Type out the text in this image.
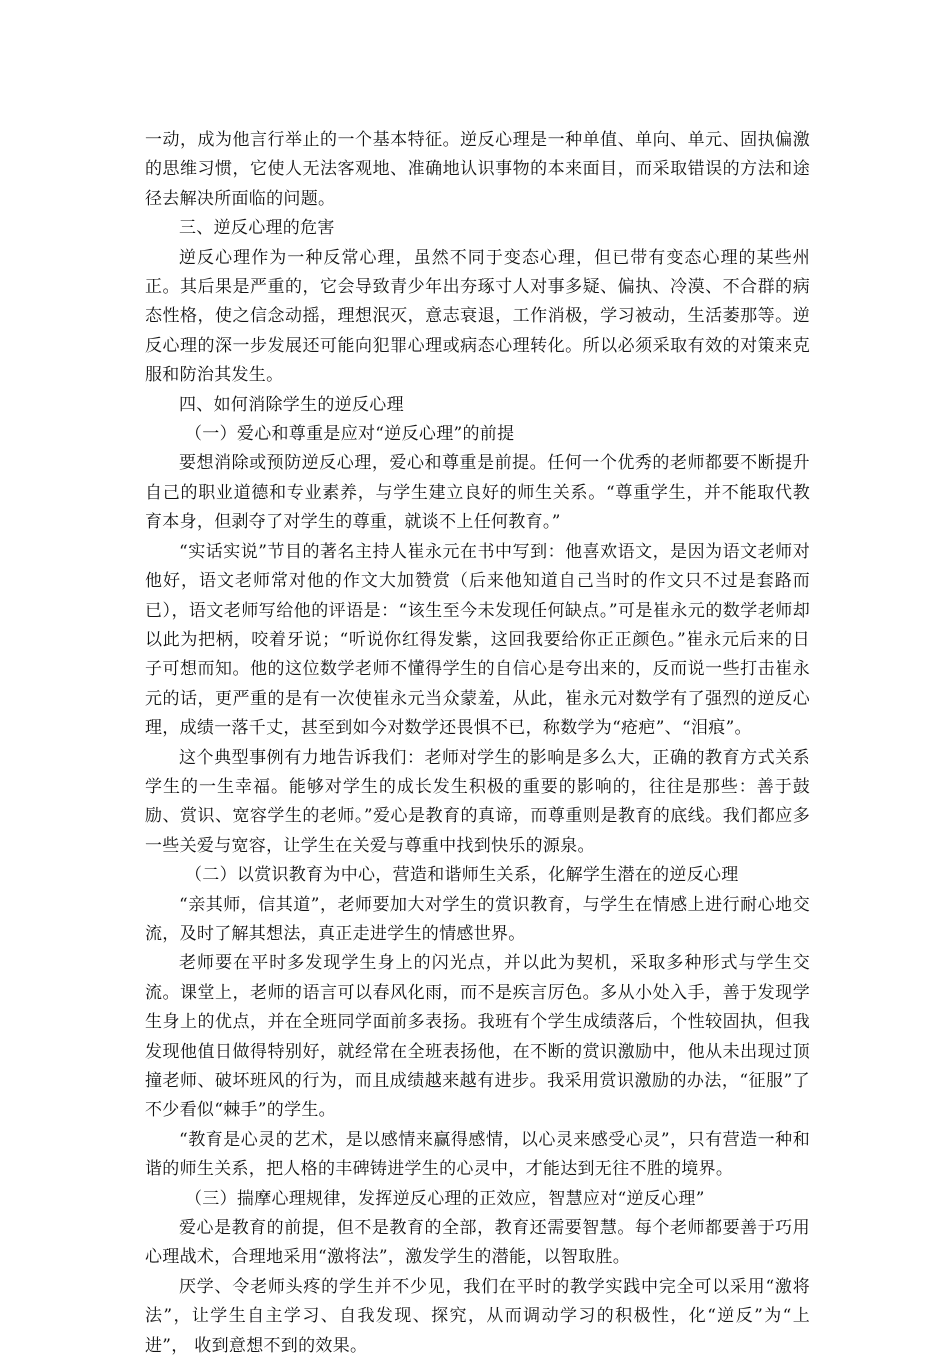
一动，成为他言行举止的一个基本特征。逆反心理是一种单值、单向、单元、固执偏激的思维习惯，它使人无法客观地、准确地认识事物的本来面目，而采取错误的方法和途径去解决所面临的问题。

三、逆反心理的危害

逆反心理作为一种反常心理，虽然不同于变态心理，但已带有变态心理的某些州正。其后果是严重的，它会导致青少年出夯琢寸人对事多疑、偏执、冷漠、不合群的病态性格，使之信念动摇，理想泯灭，意志衰退，工作消极，学习被动，生活萎那等。逆反心理的深一步发展还可能向犯罪心理或病态心理转化。所以必须采取有效的对策来克服和防治其发生。

四、如何消除学生的逆反心理

（一）爱心和尊重是应对“逆反心理”的前提

要想消除或预防逆反心理，爱心和尊重是前提。任何一个优秀的老师都要不断提升自己的职业道德和专业素养，与学生建立良好的师生关系。“尊重学生，并不能取代教育本身，但剥夺了对学生的尊重，就谈不上任何教育。”

“实话实说”节目的著名主持人崔永元在书中写到：他喜欢语文，是因为语文老师对他好，语文老师常对他的作文大加赞赏（后来他知道自己当时的作文只不过是套路而已），语文老师写给他的评语是：“该生至今未发现任何缺点。”可是崔永元的数学老师却以此为把柄，咬着牙说；“听说你红得发紫，这回我要给你正正颜色。”崔永元后来的日子可想而知。他的这位数学老师不懂得学生的自信心是夸出来的，反而说一些打击崔永元的话，更严重的是有一次使崔永元当众蒙羞，从此，崔永元对数学有了强烈的逆反心理，成绩一落千丈，甚至到如今对数学还畏惧不已，称数学为“疮疤”、“泪痕”。

这个典型事例有力地告诉我们：老师对学生的影响是多么大，正确的教育方式关系学生的一生幸福。能够对学生的成长发生积极的重要的影响的，往往是那些：善于鼓励、赏识、宽容学生的老师。”爱心是教育的真谛，而尊重则是教育的底线。我们都应多一些关爱与宽容，让学生在关爱与尊重中找到快乐的源泉。

（二）以赏识教育为中心，营造和谐师生关系，化解学生潜在的逆反心理

“亲其师，信其道”，老师要加大对学生的赏识教育，与学生在情感上进行耐心地交流，及时了解其想法，真正走进学生的情感世界。

老师要在平时多发现学生身上的闪光点，并以此为契机，采取多种形式与学生交流。课堂上，老师的语言可以春风化雨，而不是疾言厉色。多从小处入手，善于发现学生身上的优点，并在全班同学面前多表扬。我班有个学生成绩落后，个性较固执，但我发现他值日做得特别好，就经常在全班表扬他，在不断的赏识激励中，他从未出现过顶撞老师、破坏班风的行为，而且成绩越来越有进步。我采用赏识激励的办法，“征服”了不少看似“棘手”的学生。

“教育是心灵的艺术，是以感情来赢得感情，以心灵来感受心灵”，只有营造一种和谐的师生关系，把人格的丰碑铸进学生的心灵中，才能达到无往不胜的境界。

（三）揣摩心理规律，发挥逆反心理的正效应，智慧应对“逆反心理”

爱心是教育的前提，但不是教育的全部，教育还需要智慧。每个老师都要善于巧用心理战术，合理地采用“激将法”，激发学生的潜能，以智取胜。

厌学、令老师头疼的学生并不少见，我们在平时的教学实践中完全可以采用“激将法”，让学生自主学习、自我发现、探究，从而调动学习的积极性，化“逆反”为“上进”， 收到意想不到的效果。
